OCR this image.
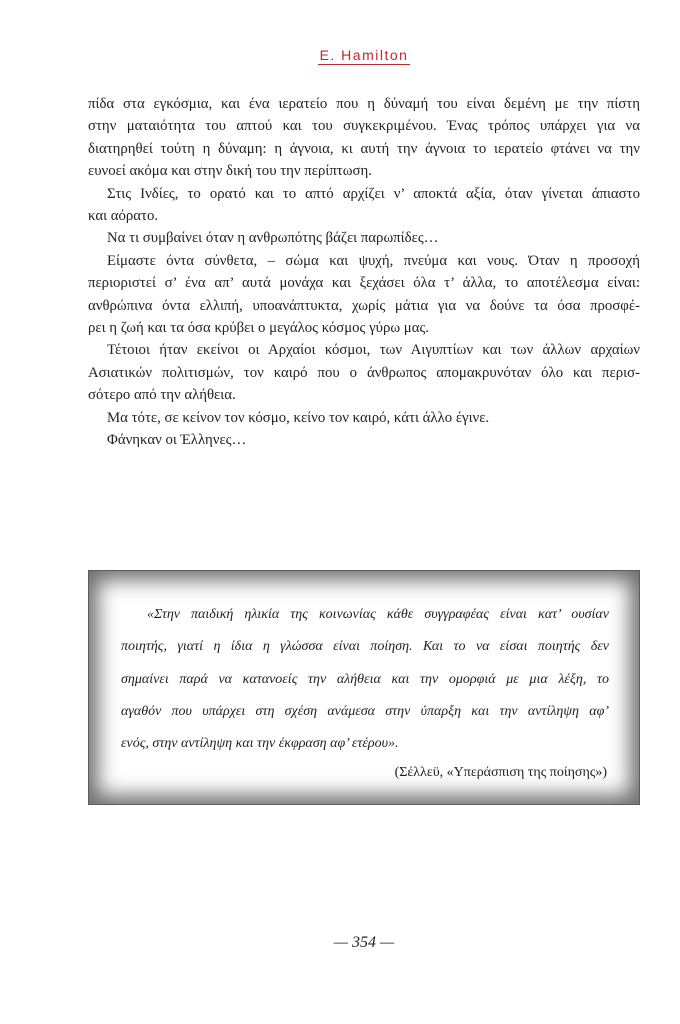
E. Hamilton
πίδα στα εγκόσμια, και ένα ιερατείο που η δύναμή του είναι δεμένη με την πίστη
στην ματαιότητα του απτού και του συγκεκριμένου. Ένας τρόπος υπάρχει για να
διατηρηθεί τούτη η δύναμη: η άγνοια, κι αυτή την άγνοια το ιερατείο φτάνει να την
ευνοεί ακόμα και στην δική του την περίπτωση.
Στις Ινδίες, το ορατό και το απτό αρχίζει ν’ αποκτά αξία, όταν γίνεται άπιαστο
και αόρατο.
Να τι συμβαίνει όταν η ανθρωπότης βάζει παρωπίδες…
Είμαστε όντα σύνθετα, – σώμα και ψυχή, πνεύμα και νους. Όταν η προσοχή
περιοριστεί σ’ ένα απ’ αυτά μονάχα και ξεχάσει όλα τ’ άλλα, το αποτέλεσμα είναι:
ανθρώπινα όντα ελλιπή, υποανάπτυκτα, χωρίς μάτια για να δούνε τα όσα προσφέ-
ρει η ζωή και τα όσα κρύβει ο μεγάλος κόσμος γύρω μας.
Τέτοιοι ήταν εκείνοι οι Αρχαίοι κόσμοι, των Αιγυπτίων και των άλλων αρχαίων
Ασιατικών πολιτισμών, τον καιρό που ο άνθρωπος απομακρυνόταν όλο και περισ-
σότερο από την αλήθεια.
Μα τότε, σε κείνον τον κόσμο, κείνο τον καιρό, κάτι άλλο έγινε.
Φάνηκαν οι Έλληνες…
«Στην παιδική ηλικία της κοινωνίας κάθε συγγραφέας είναι κατ’ ουσίαν
ποιητής, γιατί η ίδια η γλώσσα είναι ποίηση. Και το να είσαι ποιητής δεν
σημαίνει παρά να κατανοείς την αλήθεια και την ομορφιά με μια λέξη, το
αγαθόν που υπάρχει στη σχέση ανάμεσα στην ύπαρξη και την αντίληψη αφ’
ενός, στην αντίληψη και την έκφραση αφ’ ετέρου».
(Σέλλεϋ, «Υπεράσπιση της ποίησης»)
— 354 —
